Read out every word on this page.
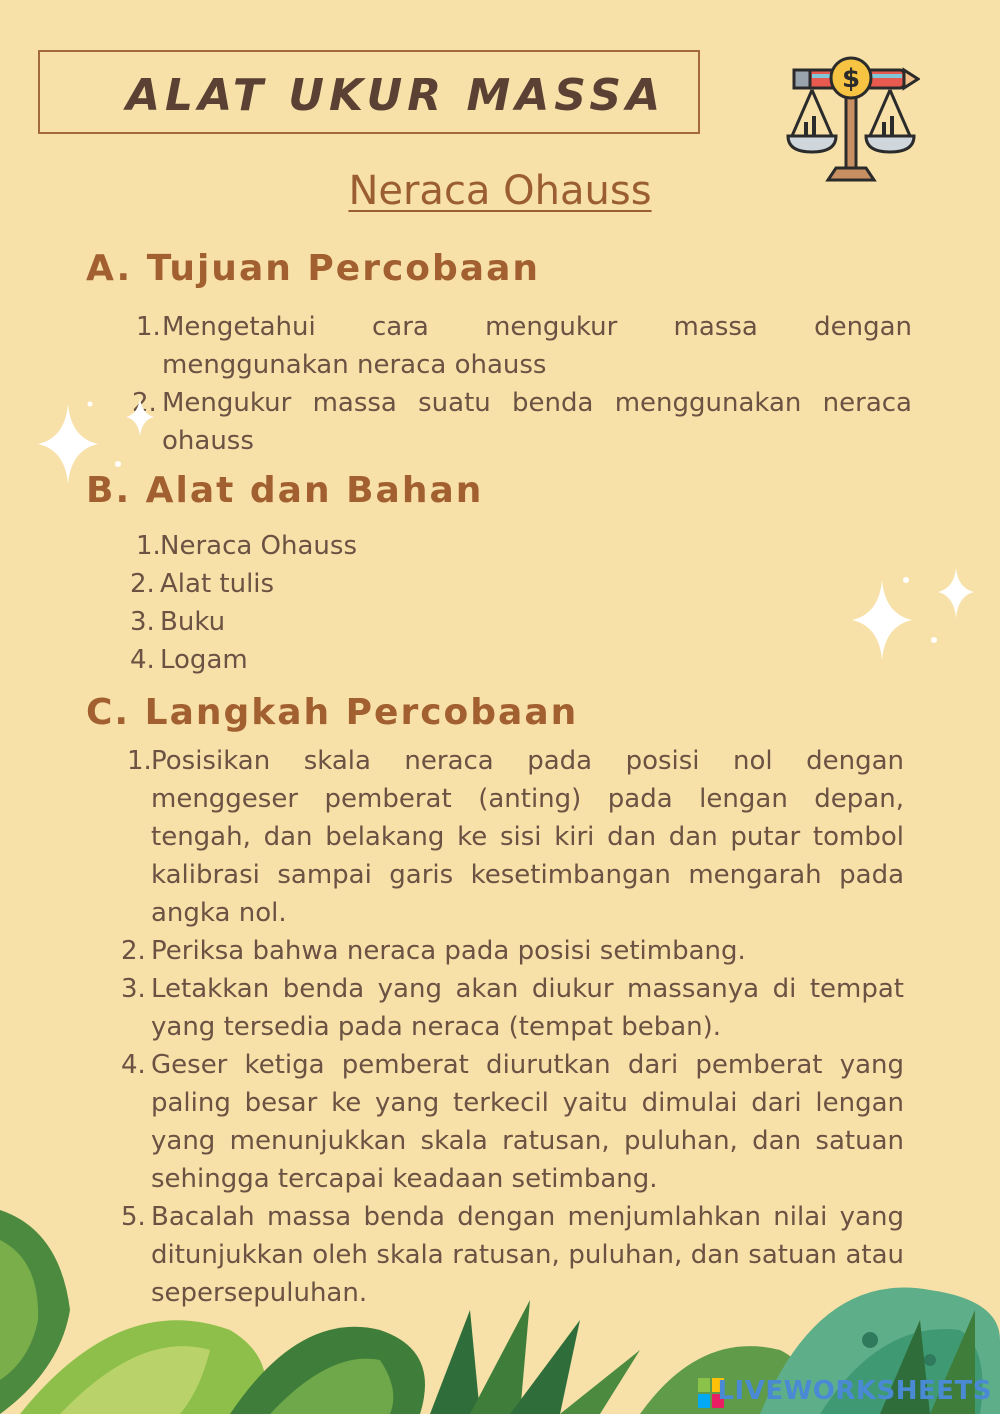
ALAT UKUR MASSA	$
Neraca Ohauss
A. Tujuan Percobaan
1. Mengetahui cara mengukur massa dengan menggunakan neraca ohauss
2. Mengukur massa suatu benda menggunakan neraca ohauss
B. Alat dan Bahan
1. Neraca Ohauss
2. Alat tulis
3. Buku
4. Logam
C. Langkah Percobaan
1. Posisikan skala neraca pada posisi nol dengan menggeser pemberat (anting) pada lengan depan, tengah, dan belakang ke sisi kiri dan dan putar tombol kalibrasi sampai garis kesetimbangan mengarah pada angka nol.
2. Periksa bahwa neraca pada posisi setimbang.
3. Letakkan benda yang akan diukur massanya di tempat yang tersedia pada neraca (tempat beban).
4. Geser ketiga pemberat diurutkan dari pemberat yang paling besar ke yang terkecil yaitu dimulai dari lengan yang menunjukkan skala ratusan, puluhan, dan satuan sehingga tercapai keadaan setimbang.
5. Bacalah massa benda dengan menjumlahkan nilai yang ditunjukkan oleh skala ratusan, puluhan, dan satuan atau sepersepuluhan.
LIVEWORKSHEETS
